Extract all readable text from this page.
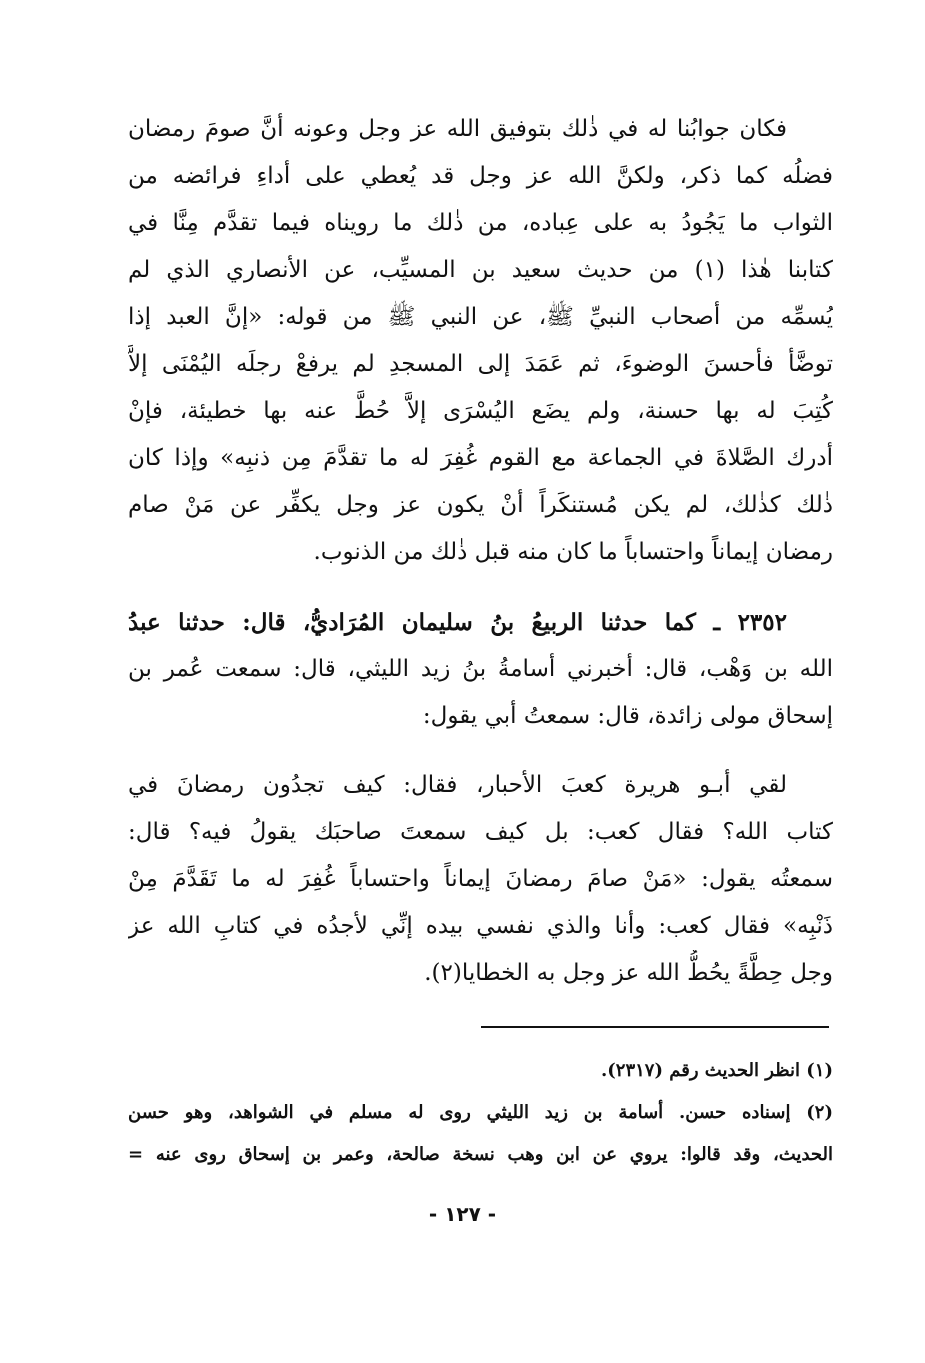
فكان جوابُنا له في ذٰلك بتوفيق الله عز وجل وعونه أنَّ صومَ رمضان
فضلُه كما ذكر، ولكنَّ الله عز وجل قد يُعطي على أداءِ فرائضه من
الثواب ما يَجُودُ به على عِباده، من ذٰلك ما رويناه فيما تقدَّم مِنَّا في
كتابنا هٰذا (١) من حديث سعيد بن المسيِّب، عن الأنصاري الذي لم
يُسمِّه من أصحاب النبيِّ ﷺ، عن النبي ﷺ من قوله: «إنَّ العبد إذا
توضَّأ فأحسنَ الوضوءَ، ثم عَمَدَ إلى المسجدِ لم يرفعْ رجلَه اليُمْنَى إلاَّ
كُتِبَ له بها حسنة، ولم يضَع اليُسْرَى إلاَّ حُطَّ عنه بها خطيئة، فإنْ
أدرك الصَّلاةَ في الجماعة مع القوم غُفِرَ له ما تقدَّمَ مِن ذنبِه» وإذا كان
ذٰلك كذٰلك، لم يكن مُستنكَراً أنْ يكون عز وجل يكفِّر عن مَنْ صام
رمضان إيماناً واحتساباً ما كان منه قبل ذٰلك من الذنوب.
٢٣٥٢ ـ كما حدثنا الربيعُ بنُ سليمان المُرَاديُّ، قال: حدثنا عبدُ
الله بن وَهْب، قال: أخبرني أسامةُ بنُ زيد الليثي، قال: سمعت عُمر بن
إسحاق مولى زائدة، قال: سمعتُ أبي يقول:
لقي أبـو هريرة كعبَ الأحبار، فقال: كيف تجدُون رمضانَ في
كتاب الله؟ فقال كعب: بل كيف سمعتَ صاحبَك يقولُ فيه؟ قال:
سمعتُه يقول: «مَنْ صامَ رمضانَ إيماناً واحتساباً غُفِرَ له ما تَقَدَّمَ مِنْ
ذَنْبِه» فقال كعب: وأنا والذي نفسي بيده إنِّي لأجدُه في كتابِ الله عز
وجل حِطَّةً يحُطُّ الله عز وجل به الخطايا(٢).
(١) انظر الحديث رقم (٢٣١٧).
(٢) إسناده حسن. أسامة بن زيد الليثي روى له مسلم في الشواهد، وهو حسن
الحديث، وقد قالوا: يروي عن ابن وهب نسخة صالحة، وعمر بن إسحاق روى عنه =
- ١٢٧ -
